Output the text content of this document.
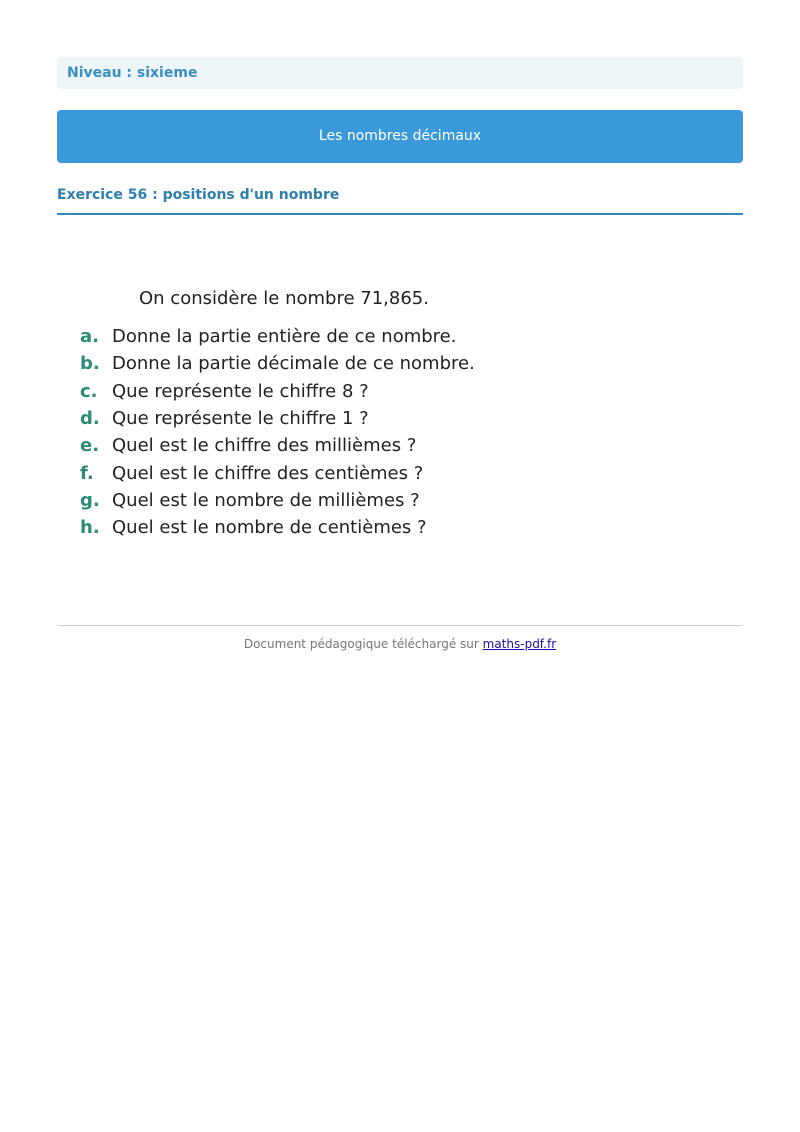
Niveau : sixieme
Les nombres décimaux
Exercice 56 : positions d'un nombre
On considère le nombre 71,865.
a. Donne la partie entière de ce nombre.
b. Donne la partie décimale de ce nombre.
c. Que représente le chiffre 8 ?
d. Que représente le chiffre 1 ?
e. Quel est le chiffre des millièmes ?
f.	Quel est le chiffre des centièmes ?
g. Quel est le nombre de millièmes ?
h. Quel est le nombre de centièmes ?
Document pédagogique téléchargé sur maths-pdf.fr
